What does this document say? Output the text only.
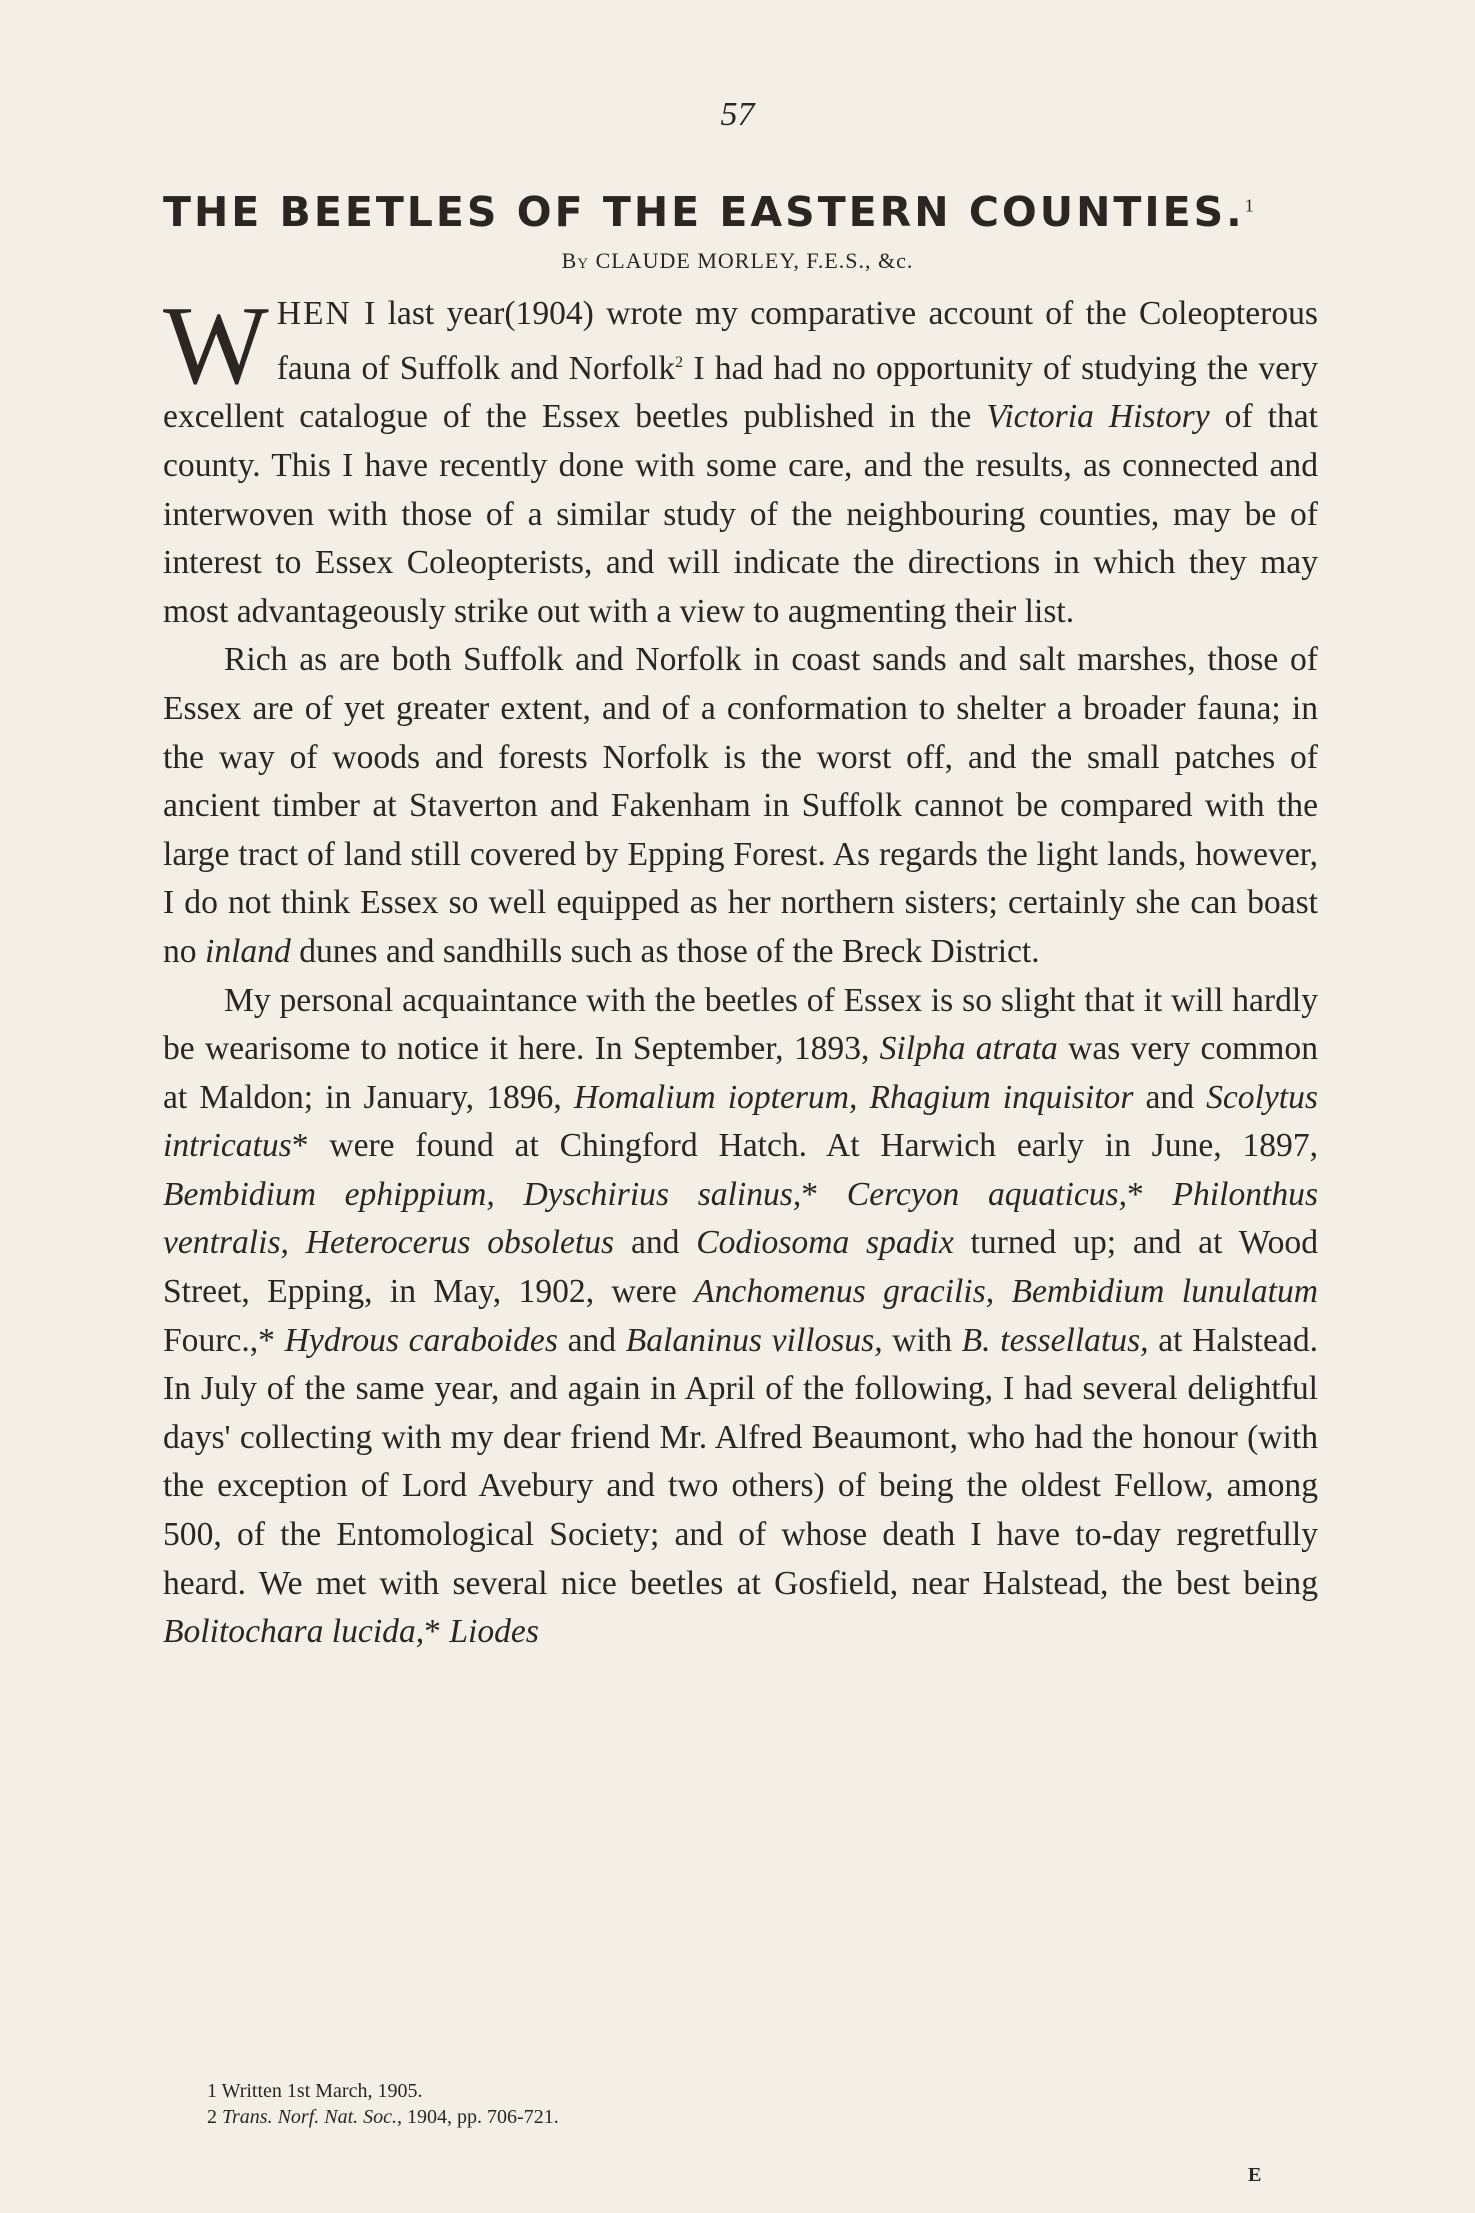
57
THE BEETLES OF THE EASTERN COUNTIES.$^1$
By CLAUDE MORLEY, F.E.S., &c.

WHEN I last year(1904) wrote my comparative account of the Coleopterous fauna of Suffolk and Norfolk$^2$ I had had no opportunity of studying the very excellent catalogue of the Essex beetles published in the Victoria History of that county. This I have recently done with some care, and the results, as connected and interwoven with those of a similar study of the neighbouring counties, may be of interest to Essex Coleopterists, and will indicate the directions in which they may most advantageously strike out with a view to augmenting their list.

Rich as are both Suffolk and Norfolk in coast sands and salt marshes, those of Essex are of yet greater extent, and of a conformation to shelter a broader fauna; in the way of woods and forests Norfolk is the worst off, and the small patches of ancient timber at Staverton and Fakenham in Suffolk cannot be compared with the large tract of land still covered by Epping Forest. As regards the light lands, however, I do not think Essex so well equipped as her northern sisters; certainly she can boast no inland dunes and sandhills such as those of the Breck District.

My personal acquaintance with the beetles of Essex is so slight that it will hardly be wearisome to notice it here. In September, 1893, Silpha atrata was very common at Maldon; in January, 1896, Homalium iopterum, Rhagium inquisitor and Scolytus intricatus* were found at Chingford Hatch. At Harwich early in June, 1897, Bembidium ephippium, Dyschirius salinus,* Cercyon aquaticus,* Philonthus ventralis, Heterocerus obsoletus and Codiosoma spadix turned up; and at Wood Street, Epping, in May, 1902, were Anchomenus gracilis, Bembidium lunulatum Fourc.,* Hydrous caraboides and Balaninus villosus, with B. tessellatus, at Halstead. In July of the same year, and again in April of the following, I had several delightful days' collecting with my dear friend Mr. Alfred Beaumont, who had the honour (with the exception of Lord Avebury and two others) of being the oldest Fellow, among 500, of the Entomological Society; and of whose death I have to-day regretfully heard. We met with several nice beetles at Gosfield, near Halstead, the best being Bolitochara lucida,* Liodes

1 Written 1st March, 1905.
2 Trans. Norf. Nat. Soc., 1904, pp. 706-721.
E
